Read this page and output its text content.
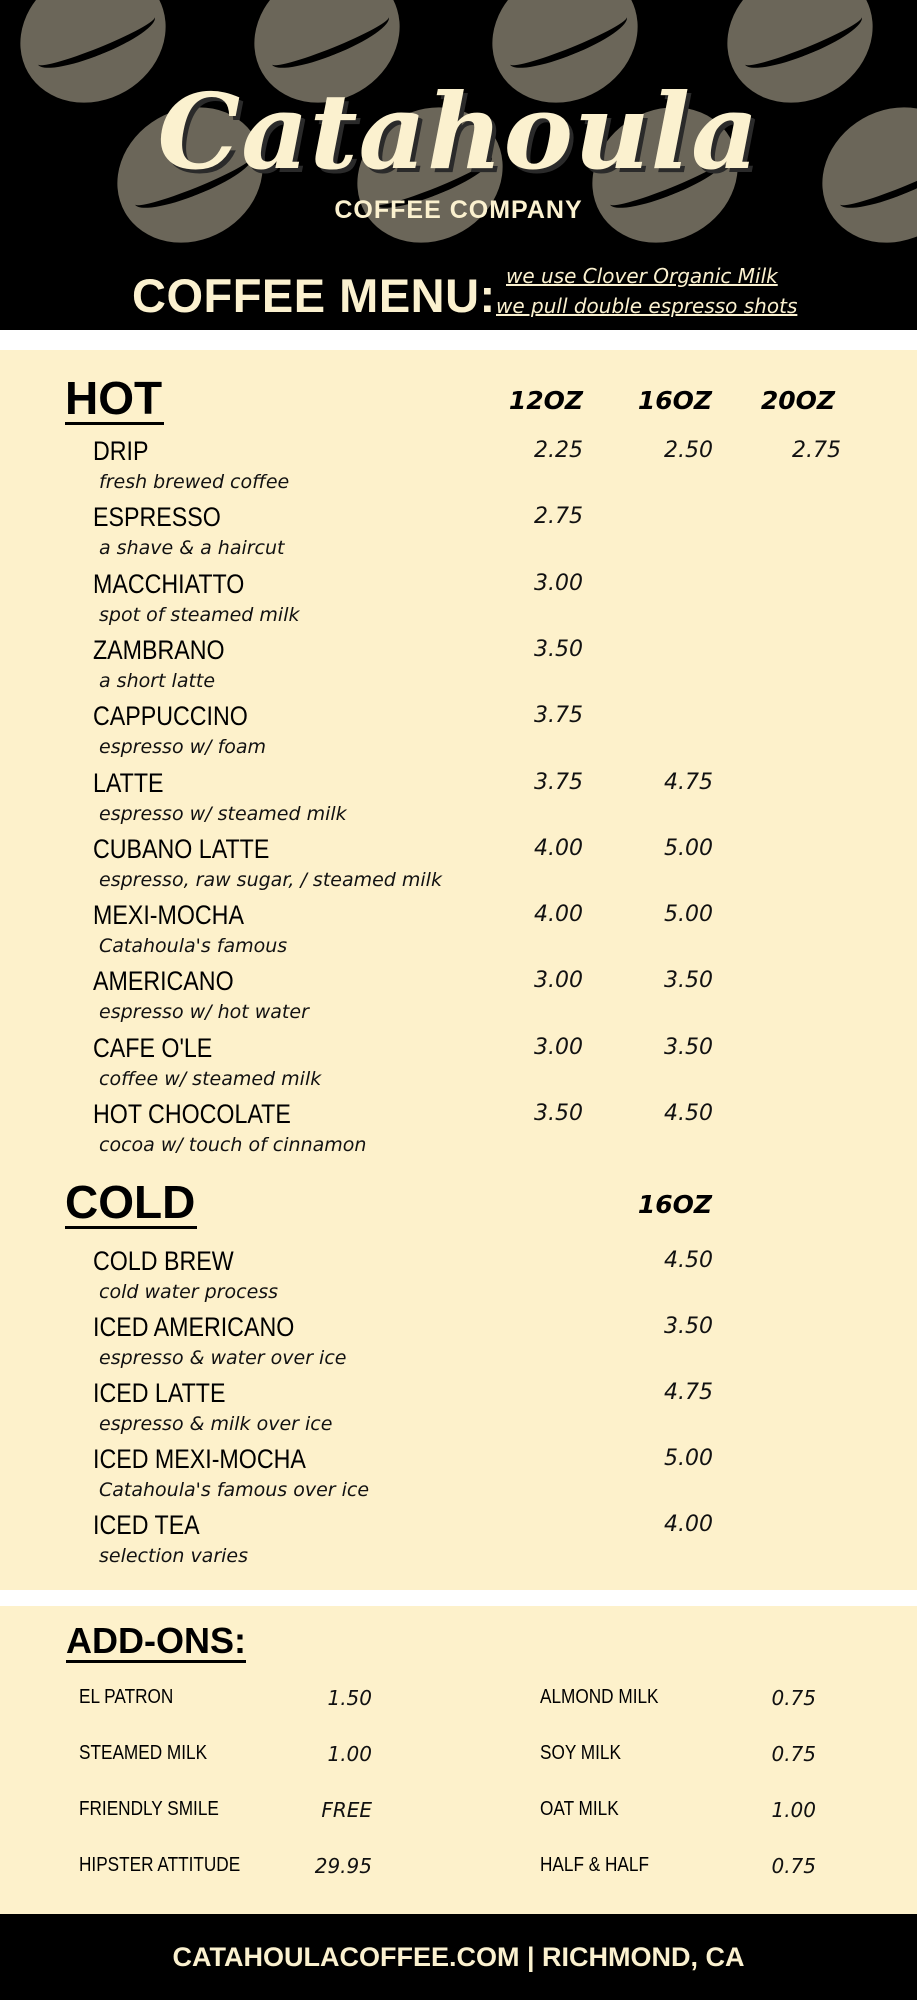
Catahoula
COFFEE COMPANY
COFFEE MENU: we use Clover Organic Milk
we pull double espresso shots
HOT	12OZ	16OZ	20OZ
DRIP
fresh brewed coffee
2.25	2.50	2.75
ESPRESSO
a shave & a haircut
2.75
MACCHIATTO
spot of steamed milk
3.00
ZAMBRANO
a short latte
3.50
CAPPUCCINO
espresso w/ foam
3.75
LATTE
espresso w/ steamed milk
3.75	4.75
CUBANO LATTE
espresso, raw sugar, / steamed milk
4.00	5.00
MEXI-MOCHA
Catahoula's famous
4.00	5.00
AMERICANO
espresso w/ hot water
3.00	3.50
CAFE O'LE
coffee w/ steamed milk
3.00	3.50
HOT CHOCOLATE
cocoa w/ touch of cinnamon
3.50	4.50
COLD	16OZ
COLD BREW
cold water process
4.50
ICED AMERICANO
espresso & water over ice
3.50
ICED LATTE
espresso & milk over ice
4.75
ICED MEXI-MOCHA
Catahoula's famous over ice
5.00
ICED TEA
selection varies
4.00
ADD-ONS:
EL PATRON	1.50
STEAMED MILK	1.00
FRIENDLY SMILE	FREE
HIPSTER ATTITUDE	29.95
ALMOND MILK	0.75
SOY MILK	0.75
OAT MILK	1.00
HALF & HALF	0.75
CATAHOULACOFFEE.COM | RICHMOND, CA
